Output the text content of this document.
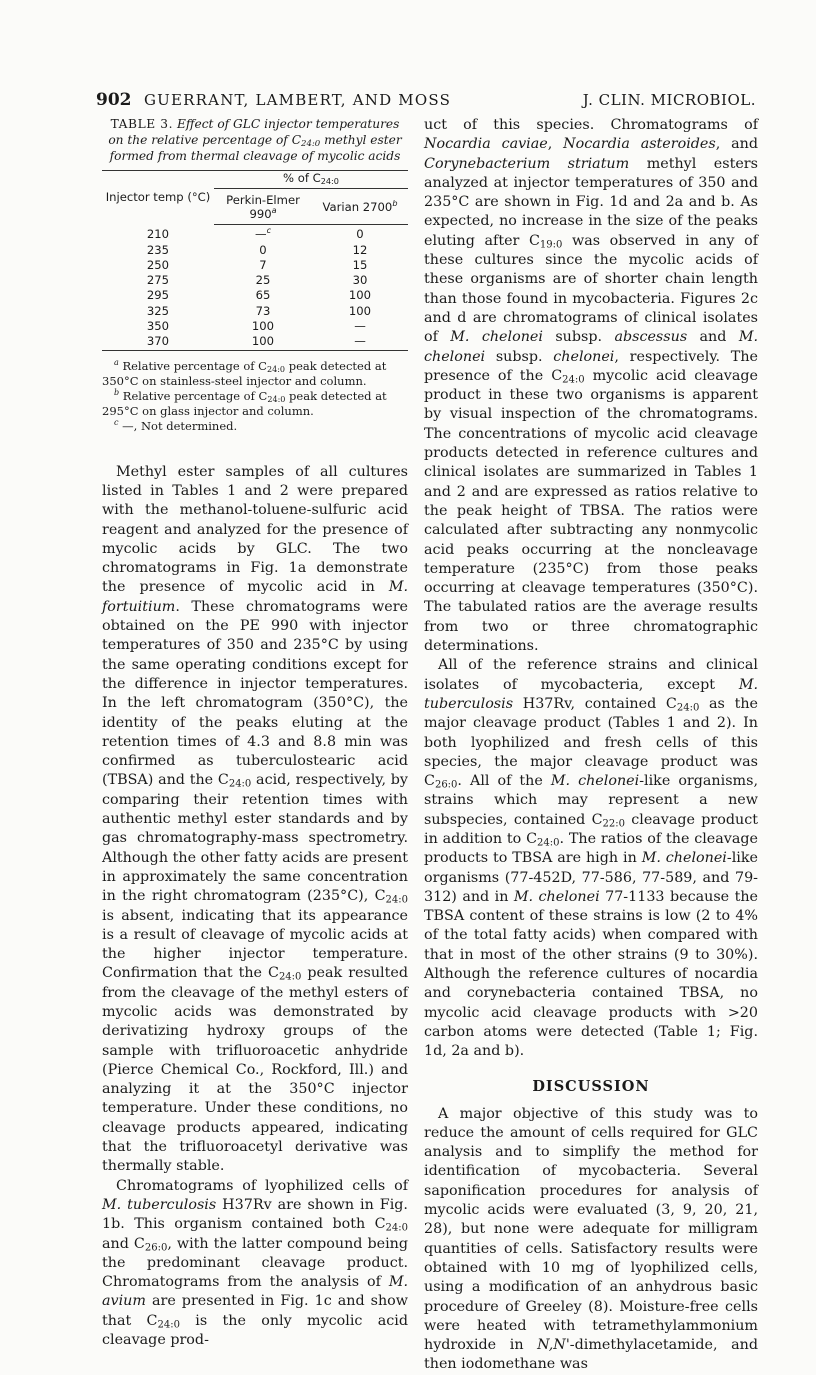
902 GUERRANT, LAMBERT, AND MOSS	J. CLIN. MICROBIOL.

TABLE 3. Effect of GLC injector temperatures on the relative percentage of $C_{24:0}$ methyl ester formed from thermal cleavage of mycolic acids

Injector temp (°C)	% of $C_{24:0}$
	Perkin-Elmer 990$^a$	Varian 2700$^b$
210	—$^c$	0
235	0	12
250	7	15
275	25	30
295	65	100
325	73	100
350	100	—
370	100	—

$^a$ Relative percentage of $C_{24:0}$ peak detected at 350°C on stainless-steel injector and column.

$^b$ Relative percentage of $C_{24:0}$ peak detected at 295°C on glass injector and column.

$^c$ —, Not determined.

Methyl ester samples of all cultures listed in Tables 1 and 2 were prepared with the methanol-toluene-sulfuric acid reagent and analyzed for the presence of mycolic acids by GLC. The two chromatograms in Fig. 1a demonstrate the presence of mycolic acid in M. fortuitium. These chromatograms were obtained on the PE 990 with injector temperatures of 350 and 235°C by using the same operating conditions except for the difference in injector temperatures. In the left chromatogram (350°C), the identity of the peaks eluting at the retention times of 4.3 and 8.8 min was confirmed as tuberculostearic acid (TBSA) and the $C_{24:0}$ acid, respectively, by comparing their retention times with authentic methyl ester standards and by gas chromatography-mass spectrometry. Although the other fatty acids are present in approximately the same concentration in the right chromatogram (235°C), $C_{24:0}$ is absent, indicating that its appearance is a result of cleavage of mycolic acids at the higher injector temperature. Confirmation that the $C_{24:0}$ peak resulted from the cleavage of the methyl esters of mycolic acids was demonstrated by derivatizing hydroxy groups of the sample with trifluoroacetic anhydride (Pierce Chemical Co., Rockford, Ill.) and analyzing it at the 350°C injector temperature. Under these conditions, no cleavage products appeared, indicating that the trifluoroacetyl derivative was thermally stable.

Chromatograms of lyophilized cells of M. tuberculosis H37Rv are shown in Fig. 1b. This organism contained both $C_{24:0}$ and $C_{26:0}$, with the latter compound being the predominant cleavage product. Chromatograms from the analysis of M. avium are presented in Fig. 1c and show that $C_{24:0}$ is the only mycolic acid cleavage prod-

uct of this species. Chromatograms of Nocardia caviae, Nocardia asteroides, and Corynebacterium striatum methyl esters analyzed at injector temperatures of 350 and 235°C are shown in Fig. 1d and 2a and b. As expected, no increase in the size of the peaks eluting after $C_{19:0}$ was observed in any of these cultures since the mycolic acids of these organisms are of shorter chain length than those found in mycobacteria. Figures 2c and d are chromatograms of clinical isolates of M. chelonei subsp. abscessus and M. chelonei subsp. chelonei, respectively. The presence of the $C_{24:0}$ mycolic acid cleavage product in these two organisms is apparent by visual inspection of the chromatograms. The concentrations of mycolic acid cleavage products detected in reference cultures and clinical isolates are summarized in Tables 1 and 2 and are expressed as ratios relative to the peak height of TBSA. The ratios were calculated after subtracting any nonmycolic acid peaks occurring at the noncleavage temperature (235°C) from those peaks occurring at cleavage temperatures (350°C). The tabulated ratios are the average results from two or three chromatographic determinations.

All of the reference strains and clinical isolates of mycobacteria, except M. tuberculosis H37Rv, contained $C_{24:0}$ as the major cleavage product (Tables 1 and 2). In both lyophilized and fresh cells of this species, the major cleavage product was $C_{26:0}$. All of the M. chelonei-like organisms, strains which may represent a new subspecies, contained $C_{22:0}$ cleavage product in addition to $C_{24:0}$. The ratios of the cleavage products to TBSA are high in M. chelonei-like organisms (77-452D, 77-586, 77-589, and 79-312) and in M. chelonei 77-1133 because the TBSA content of these strains is low (2 to 4% of the total fatty acids) when compared with that in most of the other strains (9 to 30%). Although the reference cultures of nocardia and corynebacteria contained TBSA, no mycolic acid cleavage products with >20 carbon atoms were detected (Table 1; Fig. 1d, 2a and b).

DISCUSSION

A major objective of this study was to reduce the amount of cells required for GLC analysis and to simplify the method for identification of mycobacteria. Several saponification procedures for analysis of mycolic acids were evaluated (3, 9, 20, 21, 28), but none were adequate for milligram quantities of cells. Satisfactory results were obtained with 10 mg of lyophilized cells, using a modification of an anhydrous basic procedure of Greeley (8). Moisture-free cells were heated with tetramethylammonium hydroxide in N,N'-dimethylacetamide, and then iodomethane was
